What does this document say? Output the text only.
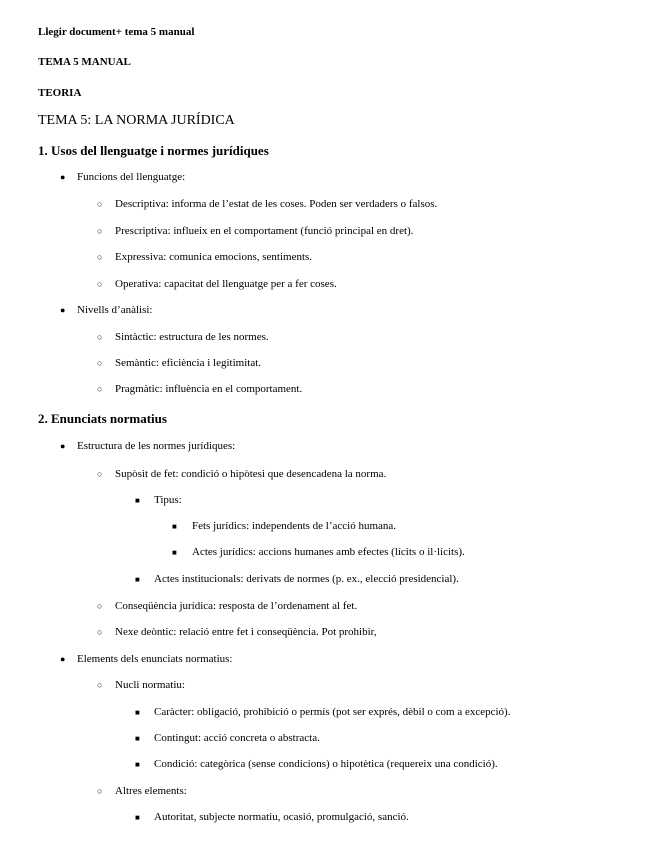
Llegir document+ tema 5 manual
TEMA 5 MANUAL
TEORIA
TEMA 5: LA NORMA JURÍDICA
1. Usos del llenguatge i normes jurídiques
●
Funcions del llenguatge:
○
Descriptiva: informa de l’estat de les coses. Poden ser verdaders o falsos.
○
Prescriptiva: influeix en el comportament (funció principal en dret).
○
Expressiva: comunica emocions, sentiments.
○
Operativa: capacitat del llenguatge per a fer coses.
●
Nivells d’anàlisi:
○
Sintàctic: estructura de les normes.
○
Semàntic: eficiència i legitimitat.
○
Pragmàtic: influència en el comportament.
2. Enunciats normatius
●
Estructura de les normes jurídiques:
○
Supòsit de fet: condició o hipòtesi que desencadena la norma.
■
Tipus:
■
Fets jurídics: independents de l’acció humana.
■
Actes jurídics: accions humanes amb efectes (lícits o il·lícits).
■
Actes institucionals: derivats de normes (p. ex., elecció presidencial).
○
Conseqüència jurídica: resposta de l’ordenament al fet.
○
Nexe deòntic: relació entre fet i conseqüència. Pot prohibir,
●
Elements dels enunciats normatius:
○
Nucli normatiu:
■
Caràcter: obligació, prohibició o permís (pot ser exprés, dèbil o com a excepció).
■
Contingut: acció concreta o abstracta.
■
Condició: categòrica (sense condicions) o hipotètica (requereix una condició).
○
Altres elements:
■
Autoritat, subjecte normatiu, ocasió, promulgació, sanció.
